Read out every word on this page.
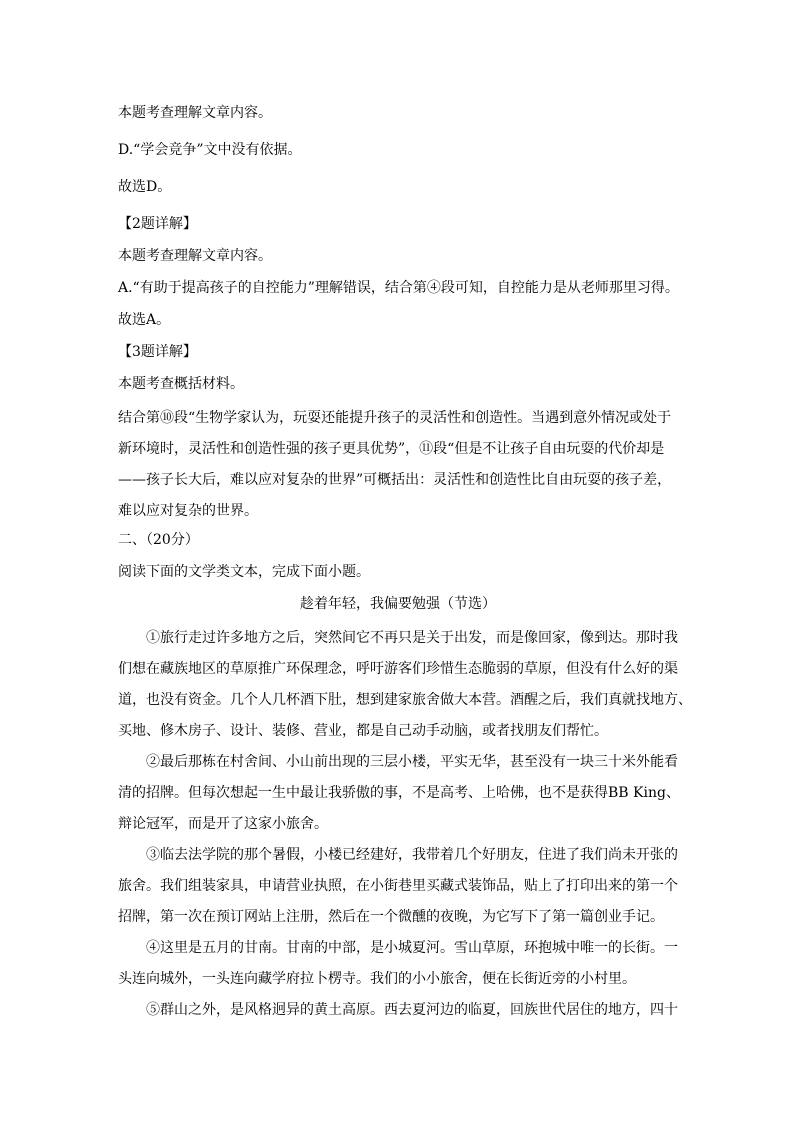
本题考查理解文章内容。

D.“学会竞争”文中没有依据。

故选D。

【2题详解】

本题考查理解文章内容。

A.“有助于提高孩子的自控能力”理解错误，结合第④段可知，自控能力是从老师那里习得。

故选A。

【3题详解】

本题考查概括材料。

结合第⑩段“生物学家认为，玩耍还能提升孩子的灵活性和创造性。当遇到意外情况或处于

新环境时，灵活性和创造性强的孩子更具优势”，⑪段“但是不让孩子自由玩耍的代价却是

——孩子长大后，难以应对复杂的世界”可概括出：灵活性和创造性比自由玩耍的孩子差，

难以应对复杂的世界。

二、（20分）

阅读下面的文学类文本，完成下面小题。

趁着年轻，我偏要勉强（节选）

①旅行走过许多地方之后，突然间它不再只是关于出发，而是像回家，像到达。那时我

们想在藏族地区的草原推广环保理念，呼吁游客们珍惜生态脆弱的草原，但没有什么好的渠

道，也没有资金。几个人几杯酒下肚，想到建家旅舍做大本营。酒醒之后，我们真就找地方、

买地、修木房子、设计、装修、营业，都是自己动手动脑，或者找朋友们帮忙。

②最后那栋在村舍间、小山前出现的三层小楼，平实无华，甚至没有一块三十米外能看

清的招牌。但每次想起一生中最让我骄傲的事，不是高考、上哈佛，也不是获得BB King、

辩论冠军，而是开了这家小旅舍。

③临去法学院的那个暑假，小楼已经建好，我带着几个好朋友，住进了我们尚未开张的

旅舍。我们组装家具，申请营业执照，在小街巷里买藏式装饰品，贴上了打印出来的第一个

招牌，第一次在预订网站上注册，然后在一个微醺的夜晚，为它写下了第一篇创业手记。

④这里是五月的甘南。甘南的中部，是小城夏河。雪山草原，环抱城中唯一的长街。一

头连向城外，一头连向藏学府拉卜楞寺。我们的小小旅舍，便在长街近旁的小村里。

⑤群山之外，是风格迥异的黄土高原。西去夏河边的临夏，回族世代居住的地方，四十
